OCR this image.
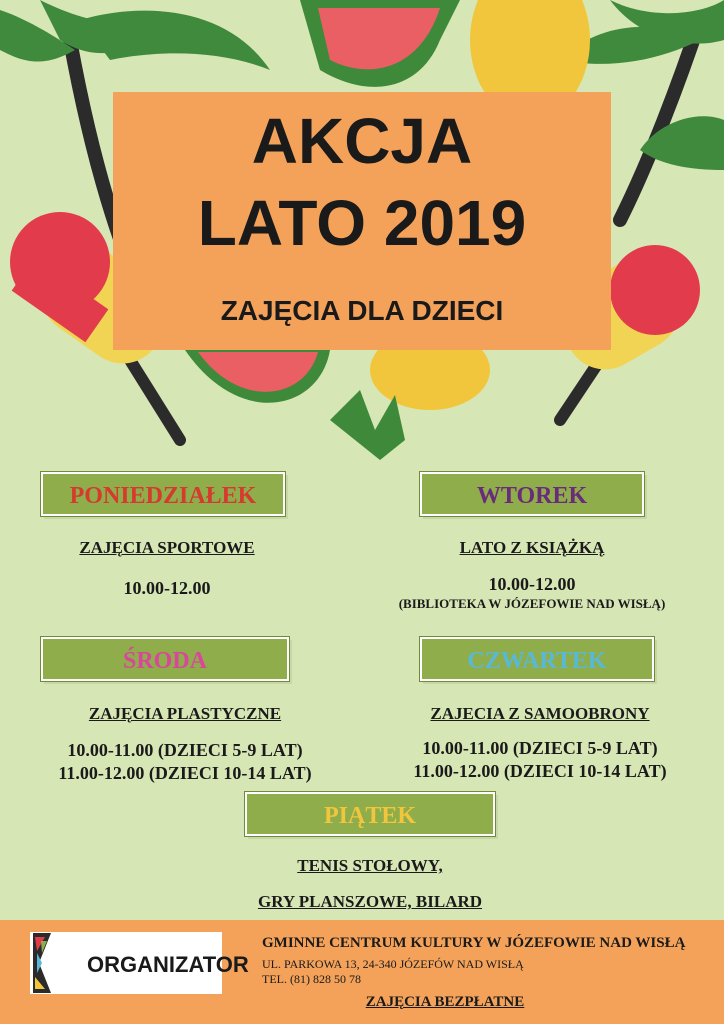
AKCJA
LATO 2019
ZAJĘCIA DLA DZIECI
PONIEDZIAŁEK
ZAJĘCIA SPORTOWE
10.00-12.00
WTOREK
LATO Z KSIĄŻKĄ
10.00-12.00
(BIBLIOTEKA W JÓZEFOWIE NAD WISŁĄ)
ŚRODA
ZAJĘCIA PLASTYCZNE
10.00-11.00 (DZIECI 5-9 LAT)
11.00-12.00 (DZIECI 10-14 LAT)
CZWARTEK
ZAJECIA Z SAMOOBRONY
10.00-11.00 (DZIECI 5-9 LAT)
11.00-12.00 (DZIECI 10-14 LAT)
PIĄTEK
TENIS STOŁOWY,
GRY PLANSZOWE, BILARD
ORGANIZATOR
GMINNE CENTRUM KULTURY W JÓZEFOWIE NAD WISŁĄ
UL. PARKOWA 13, 24-340 JÓZEFÓW NAD WISŁĄ
TEL. (81) 828 50 78
ZAJĘCIA BEZPŁATNE
